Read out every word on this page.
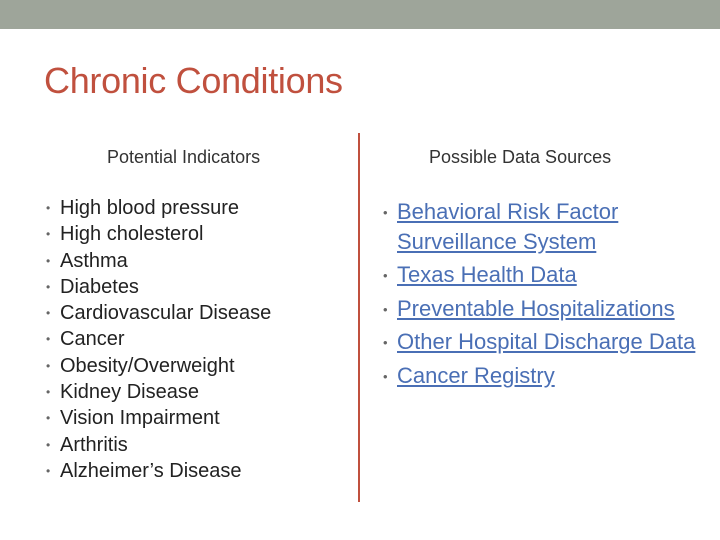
Chronic Conditions
Potential Indicators	Possible Data Sources
• High blood pressure
• High cholesterol
• Asthma
• Diabetes
• Cardiovascular Disease
• Cancer
• Obesity/Overweight
• Kidney Disease
• Vision Impairment
• Arthritis
• Alzheimer’s Disease
• Behavioral Risk Factor Surveillance System
• Texas Health Data
• Preventable Hospitalizations
• Other Hospital Discharge Data
• Cancer Registry
